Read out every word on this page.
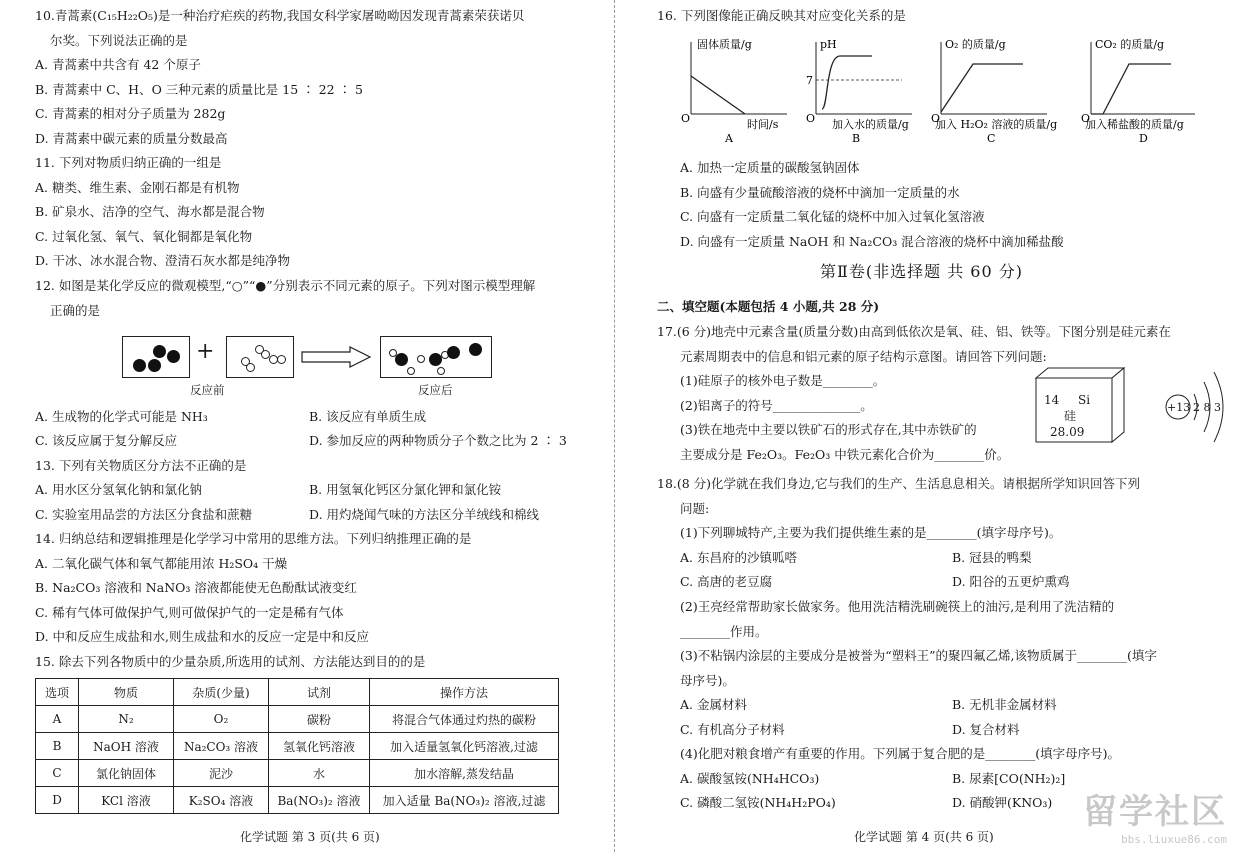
10.青蒿素(C₁₅H₂₂O₅)是一种治疗疟疾的药物,我国女科学家屠呦呦因发现青蒿素荣获诺贝
尔奖。下列说法正确的是
A. 青蒿素中共含有 42 个原子
B. 青蒿素中 C、H、O 三种元素的质量比是 15 ∶ 22 ∶ 5
C. 青蒿素的相对分子质量为 282g
D. 青蒿素中碳元素的质量分数最高
11. 下列对物质归纳正确的一组是
A. 糖类、维生素、金刚石都是有机物
B. 矿泉水、洁净的空气、海水都是混合物
C. 过氧化氢、氧气、氧化铜都是氧化物
D. 干冰、冰水混合物、澄清石灰水都是纯净物
12. 如图是某化学反应的微观模型,“○”“●”分别表示不同元素的原子。下列对图示模型理解
正确的是
+
反应前	反应后
A. 生成物的化学式可能是 NH₃	B. 该反应有单质生成
C. 该反应属于复分解反应	D. 参加反应的两种物质分子个数之比为 2 ∶ 3
13. 下列有关物质区分方法不正确的是
A. 用水区分氢氧化钠和氯化钠	B. 用氢氧化钙区分氯化钾和氯化铵
C. 实验室用品尝的方法区分食盐和蔗糖	D. 用灼烧闻气味的方法区分羊绒线和棉线
14. 归纳总结和逻辑推理是化学学习中常用的思维方法。下列归纳推理正确的是
A. 二氧化碳气体和氧气都能用浓 H₂SO₄ 干燥
B. Na₂CO₃ 溶液和 NaNO₃ 溶液都能使无色酚酞试液变红
C. 稀有气体可做保护气,则可做保护气的一定是稀有气体
D. 中和反应生成盐和水,则生成盐和水的反应一定是中和反应
15. 除去下列各物质中的少量杂质,所选用的试剂、方法能达到目的的是
选项	物质	杂质(少量)	试剂	操作方法
A	N₂	O₂	碳粉	将混合气体通过灼热的碳粉
B	NaOH 溶液	Na₂CO₃ 溶液	氢氧化钙溶液	加入适量氢氧化钙溶液,过滤
C	氯化钠固体	泥沙	水	加水溶解,蒸发结晶
D	KCl 溶液	K₂SO₄ 溶液	Ba(NO₃)₂ 溶液	加入适量 Ba(NO₃)₂ 溶液,过滤
化学试题 第 3 页(共 6 页)
16. 下列图像能正确反映其对应变化关系的是
固体质量/g
O	时间/s
A
pH
7
O 加入水的质量/g
B
O₂ 的质量/g
O
加入 H₂O₂ 溶液的质量/g
C
CO₂ 的质量/g
O
加入稀盐酸的质量/g
D
A. 加热一定质量的碳酸氢钠固体
B. 向盛有少量硫酸溶液的烧杯中滴加一定质量的水
C. 向盛有一定质量二氧化锰的烧杯中加入过氧化氢溶液
D. 向盛有一定质量 NaOH 和 Na₂CO₃ 混合溶液的烧杯中滴加稀盐酸
第Ⅱ卷(非选择题 共 60 分)
二、填空题(本题包括 4 小题,共 28 分)
17.(6 分)地壳中元素含量(质量分数)由高到低依次是氧、硅、铝、铁等。下图分别是硅元素在
元素周期表中的信息和铝元素的原子结构示意图。请回答下列问题:
(1)硅原子的核外电子数是________。
(2)铝离子的符号______________。
(3)铁在地壳中主要以铁矿石的形式存在,其中赤铁矿的
主要成分是 Fe₂O₃。Fe₂O₃ 中铁元素化合价为________价。
14 Si
硅
28.09
+13 2 8 3
18.(8 分)化学就在我们身边,它与我们的生产、生活息息相关。请根据所学知识回答下列
问题:
(1)下列聊城特产,主要为我们提供维生素的是________(填字母序号)。
A. 东昌府的沙镇呱嗒	B. 冠县的鸭梨
C. 高唐的老豆腐	D. 阳谷的五更炉熏鸡
(2)王亮经常帮助家长做家务。他用洗洁精洗刷碗筷上的油污,是利用了洗洁精的
________作用。
(3)不粘锅内涂层的主要成分是被誉为“塑料王”的聚四氟乙烯,该物质属于________(填字
母序号)。
A. 金属材料	B. 无机非金属材料
C. 有机高分子材料	D. 复合材料
(4)化肥对粮食增产有重要的作用。下列属于复合肥的是________(填字母序号)。
A. 碳酸氢铵(NH₄HCO₃)	B. 尿素[CO(NH₂)₂]
C. 磷酸二氢铵(NH₄H₂PO₄)	D. 硝酸钾(KNO₃)
化学试题 第 4 页(共 6 页)
留学社区
bbs.liuxue86.com
